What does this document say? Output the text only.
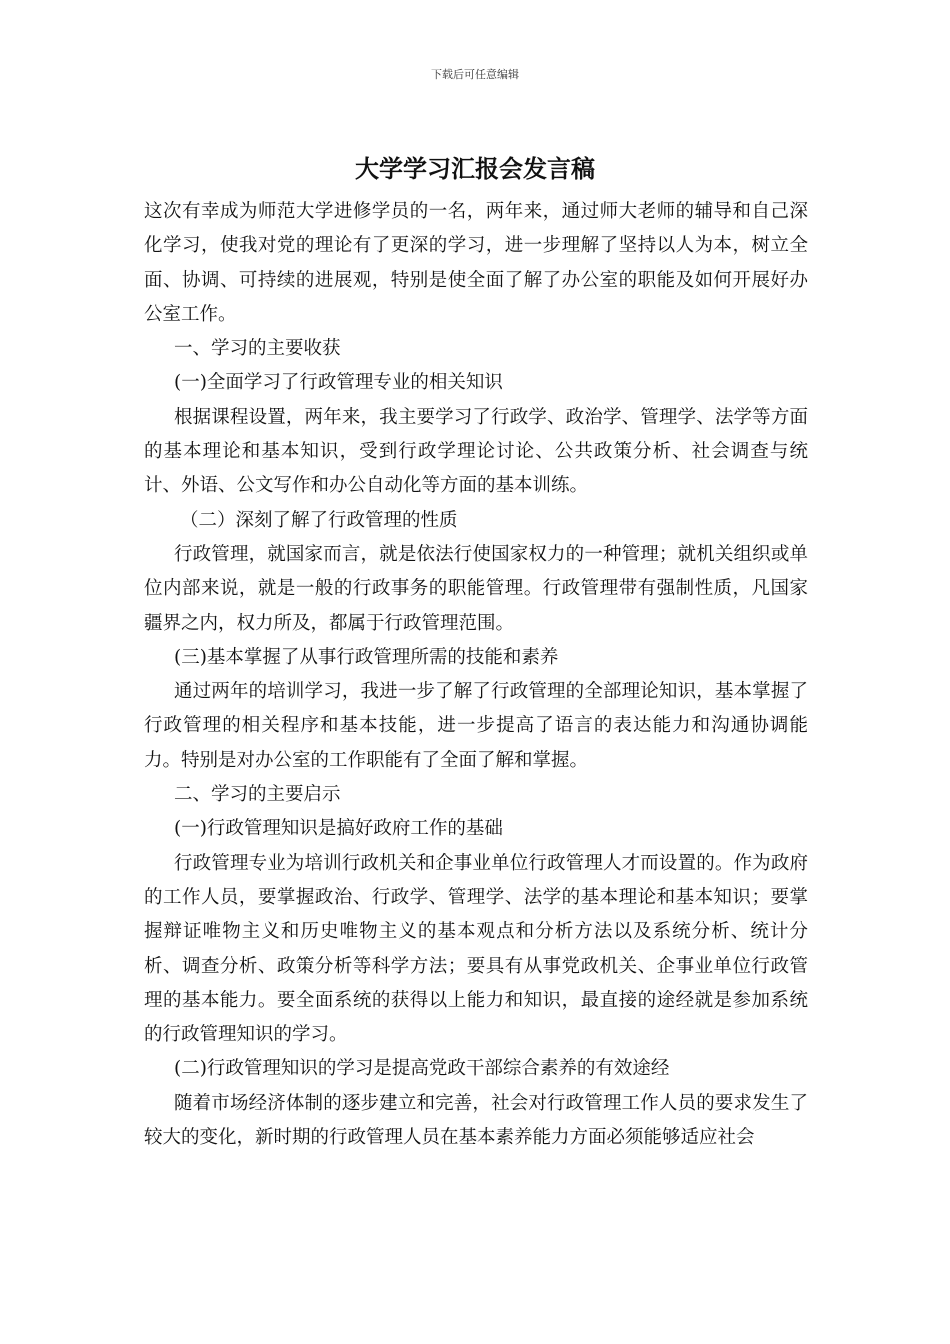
下载后可任意编辑
大学学习汇报会发言稿

这次有幸成为师范大学进修学员的一名，两年来，通过师大老师的辅导和自己深化学习，使我对党的理论有了更深的学习，进一步理解了坚持以人为本，树立全面、协调、可持续的进展观，特别是使全面了解了办公室的职能及如何开展好办公室工作。

一、学习的主要收获

(一)全面学习了行政管理专业的相关知识

根据课程设置，两年来，我主要学习了行政学、政治学、管理学、法学等方面的基本理论和基本知识，受到行政学理论讨论、公共政策分析、社会调查与统计、外语、公文写作和办公自动化等方面的基本训练。

（二）深刻了解了行政管理的性质

行政管理，就国家而言，就是依法行使国家权力的一种管理；就机关组织或单位内部来说，就是一般的行政事务的职能管理。行政管理带有强制性质，凡国家疆界之内，权力所及，都属于行政管理范围。

(三)基本掌握了从事行政管理所需的技能和素养

通过两年的培训学习，我进一步了解了行政管理的全部理论知识，基本掌握了行政管理的相关程序和基本技能，进一步提高了语言的表达能力和沟通协调能力。特别是对办公室的工作职能有了全面了解和掌握。

二、学习的主要启示

(一)行政管理知识是搞好政府工作的基础

行政管理专业为培训行政机关和企事业单位行政管理人才而设置的。作为政府的工作人员，要掌握政治、行政学、管理学、法学的基本理论和基本知识；要掌握辩证唯物主义和历史唯物主义的基本观点和分析方法以及系统分析、统计分析、调查分析、政策分析等科学方法；要具有从事党政机关、企事业单位行政管理的基本能力。要全面系统的获得以上能力和知识，最直接的途经就是参加系统的行政管理知识的学习。

(二)行政管理知识的学习是提高党政干部综合素养的有效途经

随着市场经济体制的逐步建立和完善，社会对行政管理工作人员的要求发生了较大的变化，新时期的行政管理人员在基本素养能力方面必须能够适应社会
